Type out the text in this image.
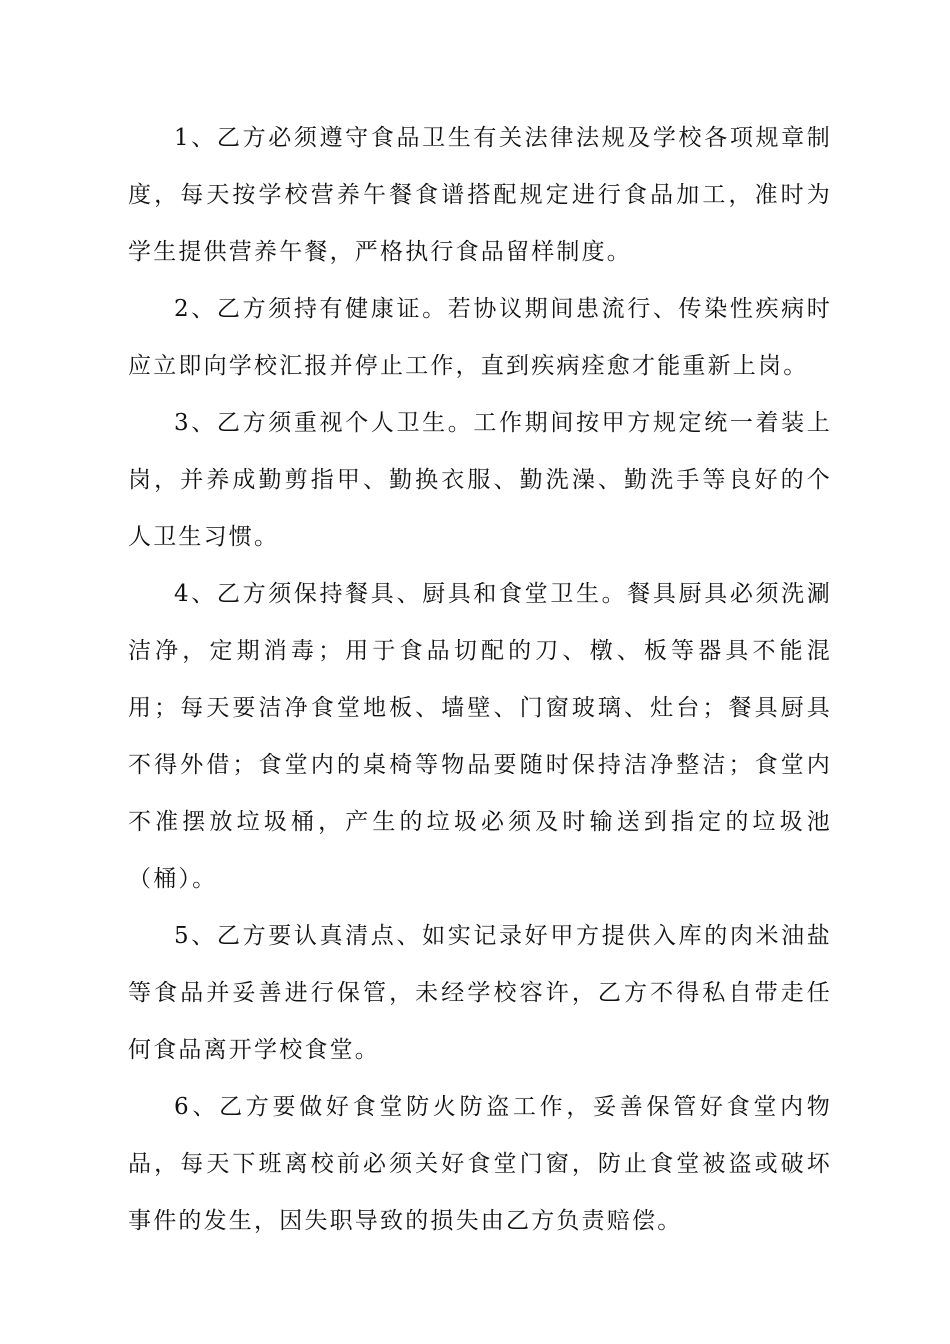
1、乙方必须遵守食品卫生有关法律法规及学校各项规章制度，每天按学校营养午餐食谱搭配规定进行食品加工，准时为学生提供营养午餐，严格执行食品留样制度。

2、乙方须持有健康证。若协议期间患流行、传染性疾病时应立即向学校汇报并停止工作，直到疾病痊愈才能重新上岗。

3、乙方须重视个人卫生。工作期间按甲方规定统一着装上岗，并养成勤剪指甲、勤换衣服、勤洗澡、勤洗手等良好的个人卫生习惯。

4、乙方须保持餐具、厨具和食堂卫生。餐具厨具必须洗涮洁净，定期消毒；用于食品切配的刀、橔、板等器具不能混用；每天要洁净食堂地板、墙壁、门窗玻璃、灶台；餐具厨具不得外借；食堂内的桌椅等物品要随时保持洁净整洁；食堂内不准摆放垃圾桶，产生的垃圾必须及时输送到指定的垃圾池（桶）。

5、乙方要认真清点、如实记录好甲方提供入库的肉米油盐等食品并妥善进行保管，未经学校容许，乙方不得私自带走任何食品离开学校食堂。

6、乙方要做好食堂防火防盗工作，妥善保管好食堂内物品，每天下班离校前必须关好食堂门窗，防止食堂被盗或破坏事件的发生，因失职导致的损失由乙方负责赔偿。
